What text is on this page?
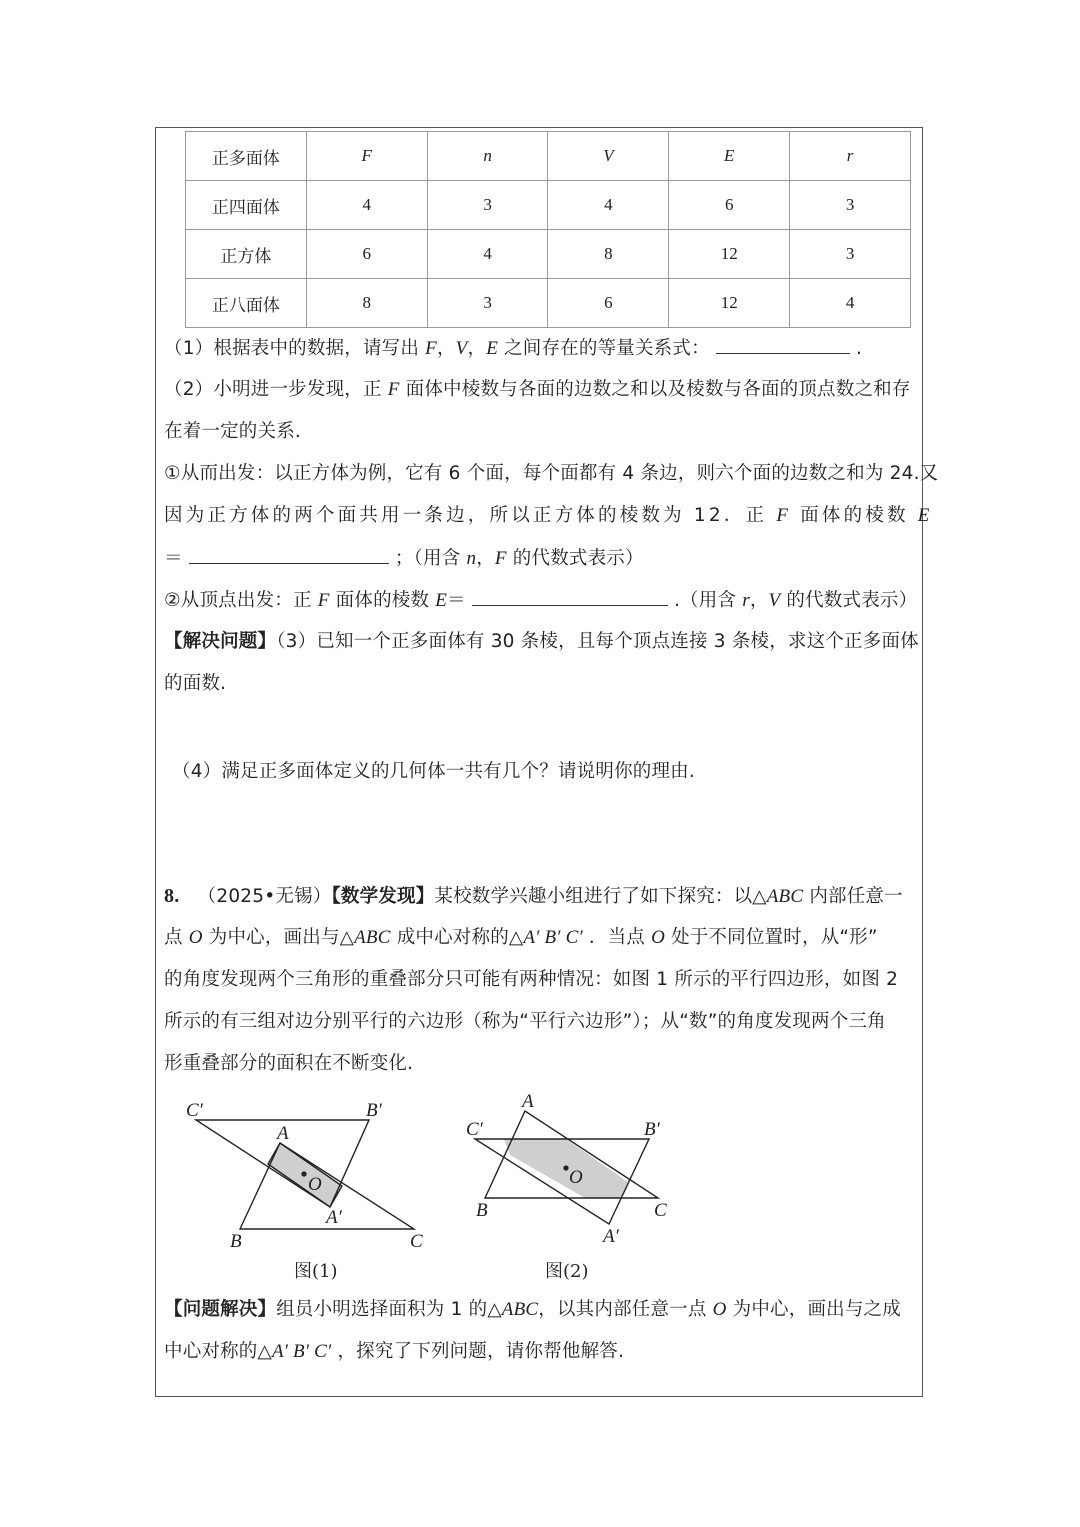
正多面体	F	n	V	E	r
正四面体	4	3	4	6	3
正方体	6	4	8	12	3
正八面体	8	3	6	12	4
（1）根据表中的数据，请写出 F，V，E 之间存在的等量关系式：	.
（2）小明进一步发现，正 F 面体中棱数与各面的边数之和以及棱数与各面的顶点数之和存
在着一定的关系.
①从而出发：以正方体为例，它有 6 个面，每个面都有 4 条边，则六个面的边数之和为 24.又
因为正方体的两个面共用一条边，所以正方体的棱数为 12．正 F 面体的棱数 E
＝	；（用含 n，F 的代数式表示）
②从顶点出发：正 F 面体的棱数 E＝	.（用含 r，V 的代数式表示）
【解决问题】（3）已知一个正多面体有 30 条棱，且每个顶点连接 3 条棱，求这个正多面体
的面数.
（4）满足正多面体定义的几何体一共有几个？请说明你的理由.
8. （2025•无锡）【数学发现】某校数学兴趣小组进行了如下探究：以△ABC 内部任意一
点 O 为中心，画出与△ABC 成中心对称的△A′ B′ C′ ．当点 O 处于不同位置时，从“形”
的角度发现两个三角形的重叠部分只可能有两种情况：如图 1 所示的平行四边形，如图 2
所示的有三组对边分别平行的六边形（称为“平行六边形”）；从“数”的角度发现两个三角
形重叠部分的面积在不断变化.
C′	B′
A
O
A′
B	C
A
C′	B′
O
B	C
A′
图(1)	图(2)
【问题解决】组员小明选择面积为 1 的△ABC，以其内部任意一点 O 为中心，画出与之成
中心对称的△A′ B′ C′ ，探究了下列问题，请你帮他解答.
